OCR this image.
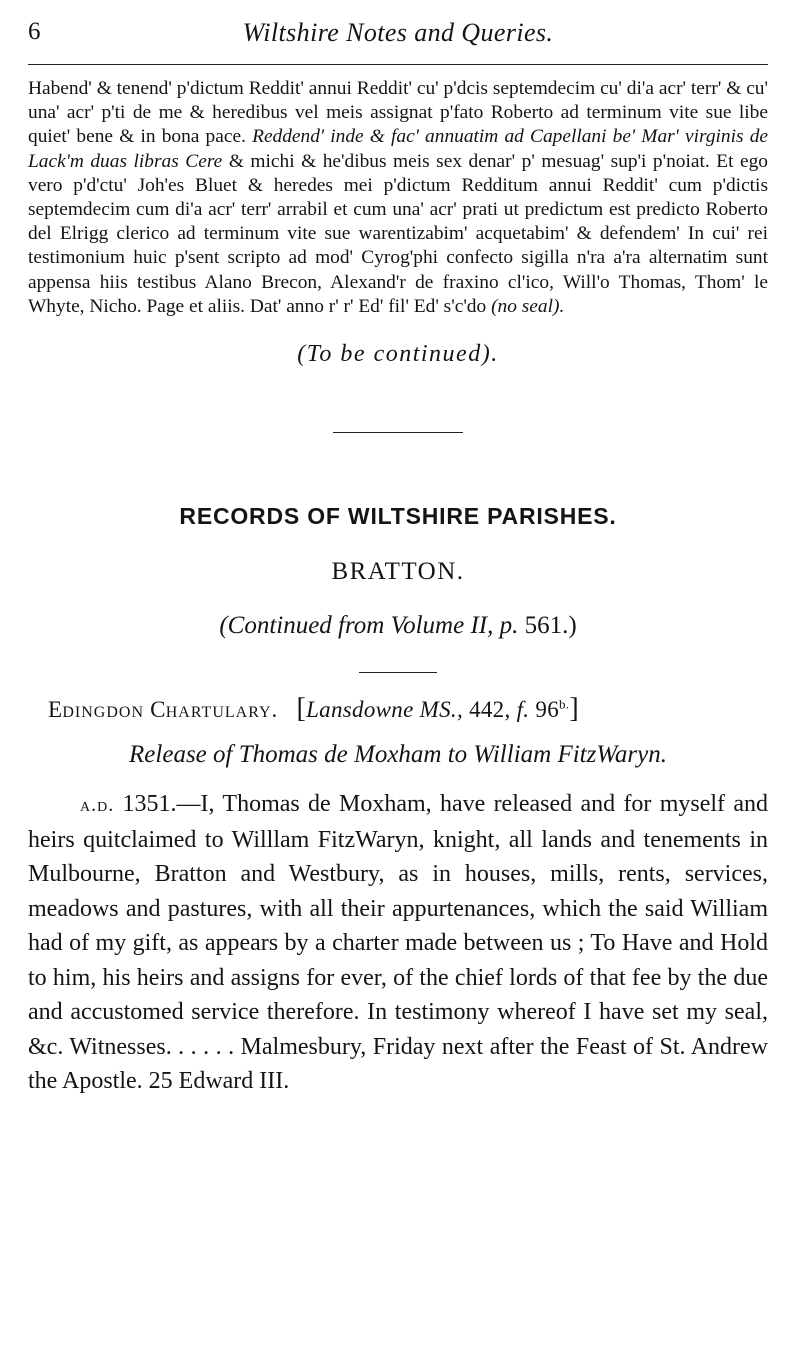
6	Wiltshire Notes and Queries.

Habend' & tenend' p'dictum Reddit' annui Reddit' cu' p'dcis septemdecim cu' di'a acr' terr' & cu' una' acr' p'ti de me & heredibus vel meis assignat p'fato Roberto ad terminum vite sue libe quiet' bene & in bona pace. Reddend' inde & fac' annuatim ad Capellani be' Mar' virginis de Lack'm duas libras Cere & michi & he'dibus meis sex denar' p' mesuag' sup'i p'noiat. Et ego vero p'd'ctu' Joh'es Bluet & heredes mei p'dictum Redditum annui Reddit' cum p'dictis septemdecim cum di'a acr' terr' arrabil et cum una' acr' prati ut predictum est predicto Roberto del Elrigg clerico ad terminum vite sue warentizabim' acquetabim' & defendem' In cui' rei testimonium huic p'sent scripto ad mod' Cyrog'phi confecto sigilla n'ra a'ra alternatim sunt appensa hiis testibus Alano Brecon, Alexand'r de fraxino cl'ico, Will'o Thomas, Thom' le Whyte, Nicho. Page et aliis. Dat' anno r' r' Ed' fil' Ed' s'c'do (no seal).

(To be continued).
RECORDS OF WILTSHIRE PARISHES.
BRATTON.
(Continued from Volume II, p. 561.)
Edingdon Chartulary. [Lansdowne MS., 442, f. $96^{b.}$]
Release of Thomas de Moxham to William FitzWaryn.

a.d. 1351.—I, Thomas de Moxham, have released and for myself and heirs quitclaimed to Willlam FitzWaryn, knight, all lands and tenements in Mulbourne, Bratton and Westbury, as in houses, mills, rents, services, meadows and pastures, with all their appurtenances, which the said William had of my gift, as appears by a charter made between us ; To Have and Hold to him, his heirs and assigns for ever, of the chief lords of that fee by the due and accustomed service therefore. In testimony whereof I have set my seal, &c. Witnesses. . . . . . Malmesbury, Friday next after the Feast of St. Andrew the Apostle. 25 Edward III.
